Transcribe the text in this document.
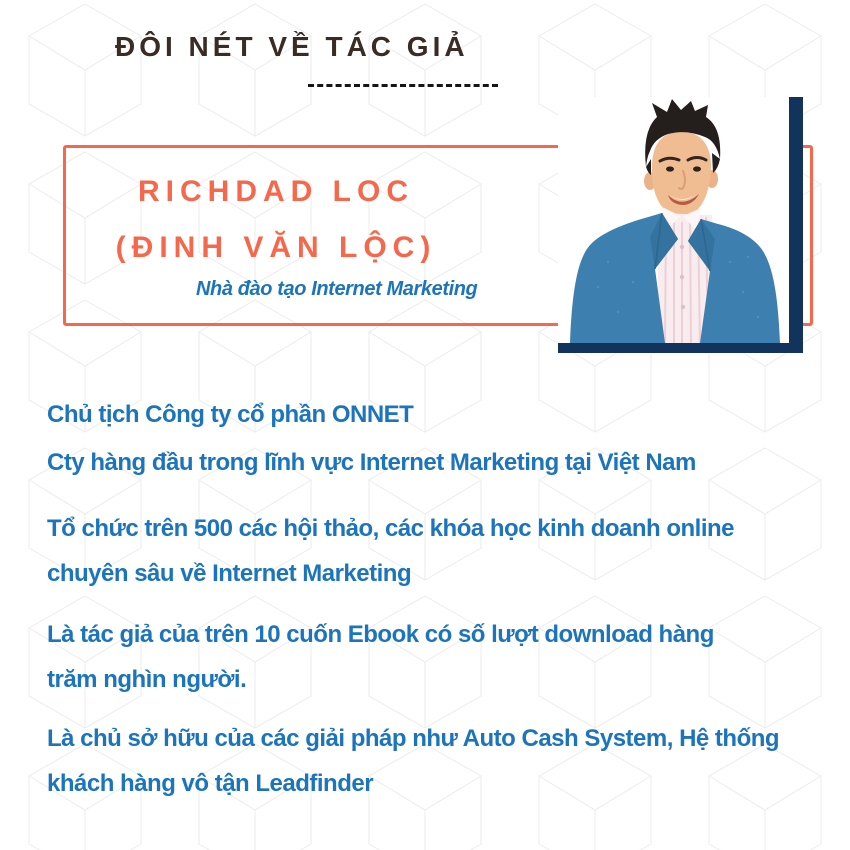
ĐÔI NÉT VỀ TÁC GIẢ
RICHDAD LOC
(ĐINH VĂN LỘC)
Nhà đào tạo Internet Marketing
Chủ tịch Công ty cổ phần ONNET
Cty hàng đầu trong lĩnh vực Internet Marketing tại Việt Nam
Tổ chức trên 500 các hội thảo, các khóa học kinh doanh online
chuyên sâu về Internet Marketing
Là tác giả của trên 10 cuốn Ebook có số lượt download hàng
trăm nghìn người.
Là chủ sở hữu của các giải pháp như Auto Cash System, Hệ thống
khách hàng vô tận Leadfinder
